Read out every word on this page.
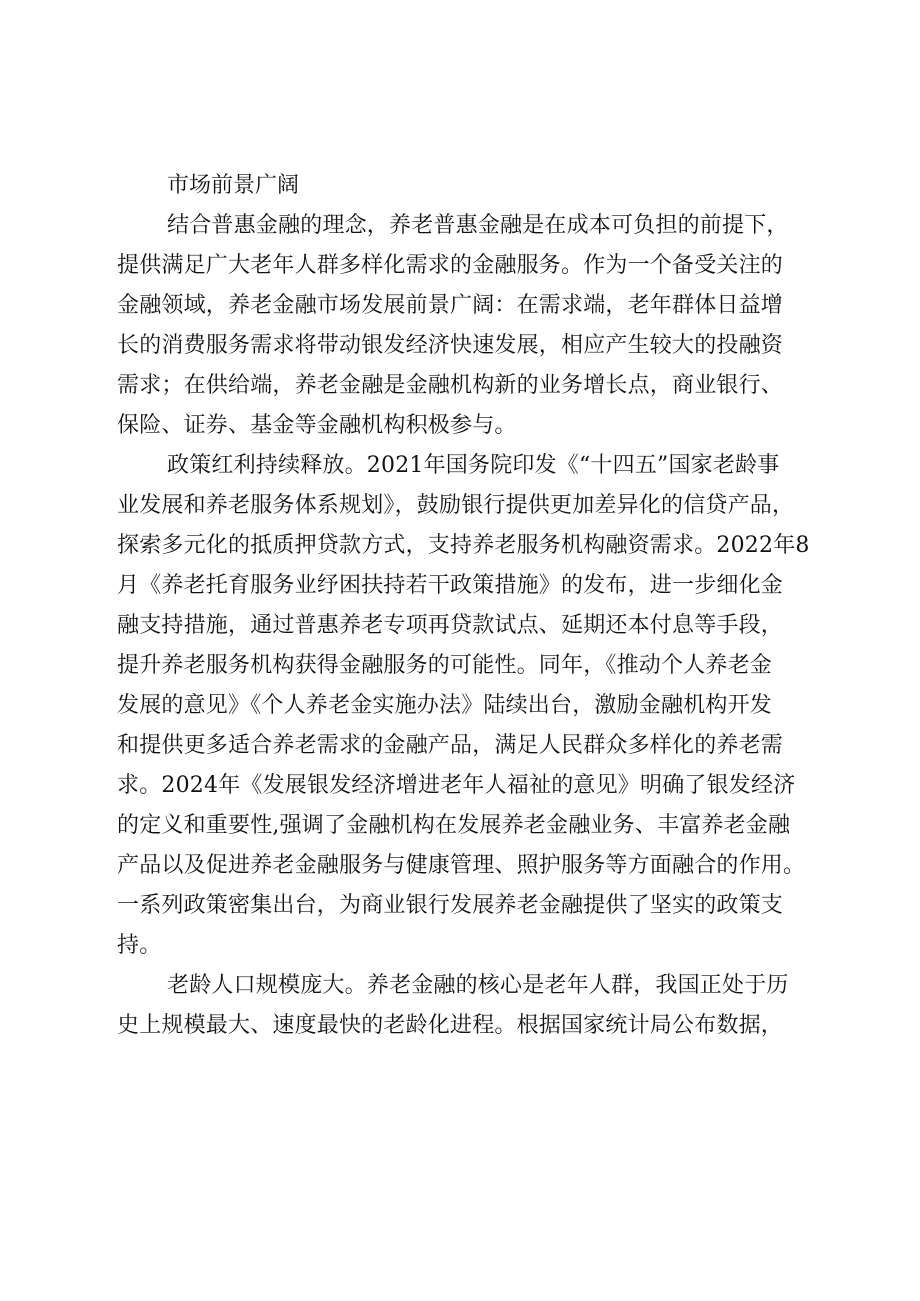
市场前景广阔
结合普惠金融的理念，养老普惠金融是在成本可负担的前提下，
提供满足广大老年人群多样化需求的金融服务。作为一个备受关注的
金融领域，养老金融市场发展前景广阔：在需求端，老年群体日益增
长的消费服务需求将带动银发经济快速发展，相应产生较大的投融资
需求；在供给端，养老金融是金融机构新的业务增长点，商业银行、
保险、证券、基金等金融机构积极参与。
政策红利持续释放。2021年国务院印发《“十四五”国家老龄事
业发展和养老服务体系规划》，鼓励银行提供更加差异化的信贷产品，
探索多元化的抵质押贷款方式，支持养老服务机构融资需求。2022年8
月《养老托育服务业纾困扶持若干政策措施》的发布，进一步细化金
融支持措施，通过普惠养老专项再贷款试点、延期还本付息等手段，
提升养老服务机构获得金融服务的可能性。同年，《推动个人养老金
发展的意见》《个人养老金实施办法》陆续出台，激励金融机构开发
和提供更多适合养老需求的金融产品，满足人民群众多样化的养老需
求。2024年《发展银发经济增进老年人福祉的意见》明确了银发经济
的定义和重要性,强调了金融机构在发展养老金融业务、丰富养老金融
产品以及促进养老金融服务与健康管理、照护服务等方面融合的作用。
一系列政策密集出台，为商业银行发展养老金融提供了坚实的政策支
持。
老龄人口规模庞大。养老金融的核心是老年人群，我国正处于历
史上规模最大、速度最快的老龄化进程。根据国家统计局公布数据，
